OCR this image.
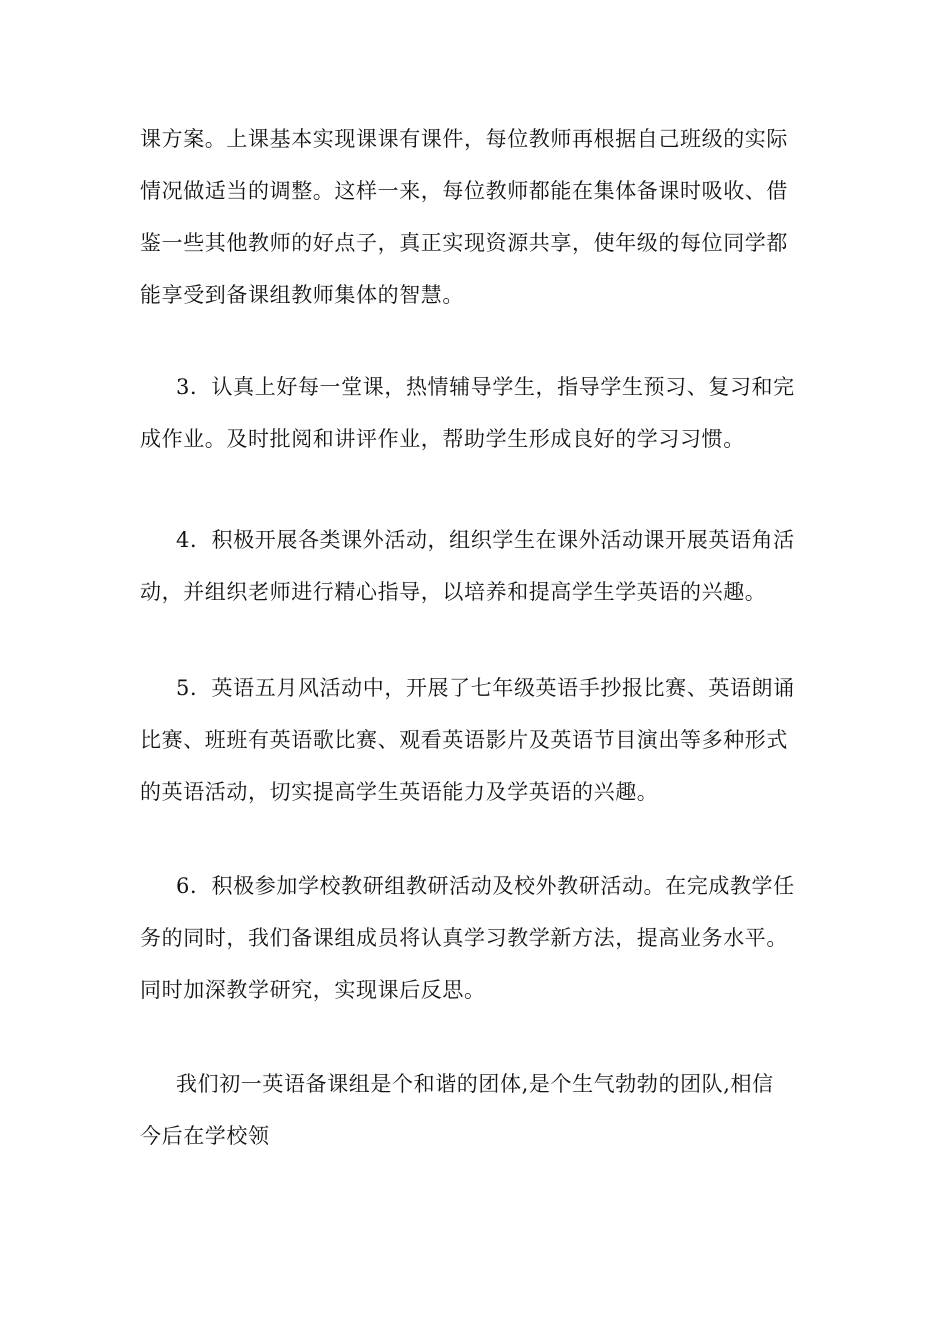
课方案。上课基本实现课课有课件，每位教师再根据自己班级的实际
情况做适当的调整。这样一来，每位教师都能在集体备课时吸收、借
鉴一些其他教师的好点子，真正实现资源共享，使年级的每位同学都
能享受到备课组教师集体的智慧。

3．认真上好每一堂课，热情辅导学生，指导学生预习、复习和完
成作业。及时批阅和讲评作业，帮助学生形成良好的学习习惯。

4．积极开展各类课外活动，组织学生在课外活动课开展英语角活
动，并组织老师进行精心指导，以培养和提高学生学英语的兴趣。

5．英语五月风活动中，开展了七年级英语手抄报比赛、英语朗诵
比赛、班班有英语歌比赛、观看英语影片及英语节目演出等多种形式
的英语活动，切实提高学生英语能力及学英语的兴趣。

6．积极参加学校教研组教研活动及校外教研活动。在完成教学任
务的同时，我们备课组成员将认真学习教学新方法，提高业务水平。
同时加深教学研究，实现课后反思。

我们初一英语备课组是个和谐的团体,是个生气勃勃的团队,相信
今后在学校领
